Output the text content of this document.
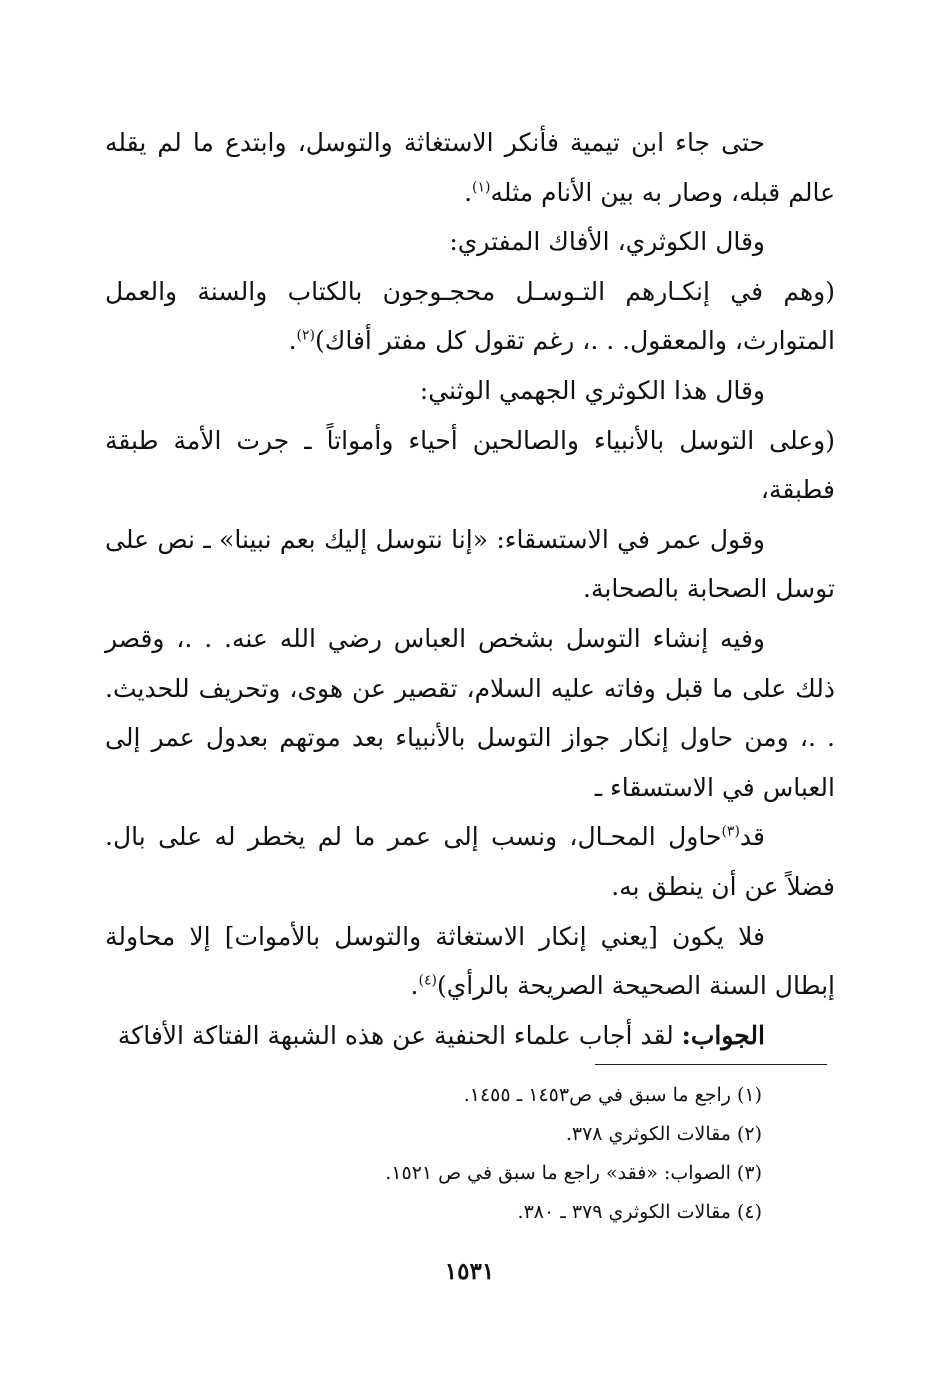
حتى جاء ابن تيمية فأنكر الاستغاثة والتوسل، وابتدع ما لم يقله عالم قبله، وصار به بين الأنام مثله$^{(١)}$.

وقال الكوثري، الأفاك المفتري:

(وهم في إنكـارهم التـوسـل محجـوجون بالكتاب والسنة والعمل المتوارث، والمعقول. . .، رغم تقول كل مفتر أفاك)$^{(٢)}$.

وقال هذا الكوثري الجهمي الوثني:

(وعلى التوسل بالأنبياء والصالحين أحياء وأمواتاً ـ جرت الأمة طبقة فطبقة،

وقول عمر في الاستسقاء: «إنا نتوسل إليك بعم نبينا» ـ نص على توسل الصحابة بالصحابة.

وفيه إنشاء التوسل بشخص العباس رضي الله عنه. . .، وقصر ذلك على ما قبل وفاته عليه السلام، تقصير عن هوى، وتحريف للحديث. . .، ومن حاول إنكار جواز التوسل بالأنبياء بعد موتهم بعدول عمر إلى العباس في الاستسقاء ـ

قد$^{(٣)}$حاول المحـال، ونسب إلى عمر ما لم يخطر له على بال. فضلاً عن أن ينطق به.

فلا يكون [يعني إنكار الاستغاثة والتوسل بالأموات] إلا محاولة إبطال السنة الصحيحة الصريحة بالرأي)$^{(٤)}$.

الجواب: لقد أجاب علماء الحنفية عن هذه الشبهة الفتاكة الأفاكة

(١) راجع ما سبق في ص١٤٥٣ ـ ١٤٥٥.

(٢) مقالات الكوثري ٣٧٨.

(٣) الصواب: «فقد» راجع ما سبق في ص ١٥٢١.

(٤) مقالات الكوثري ٣٧٩ ـ ٣٨٠.

١٥٣١
